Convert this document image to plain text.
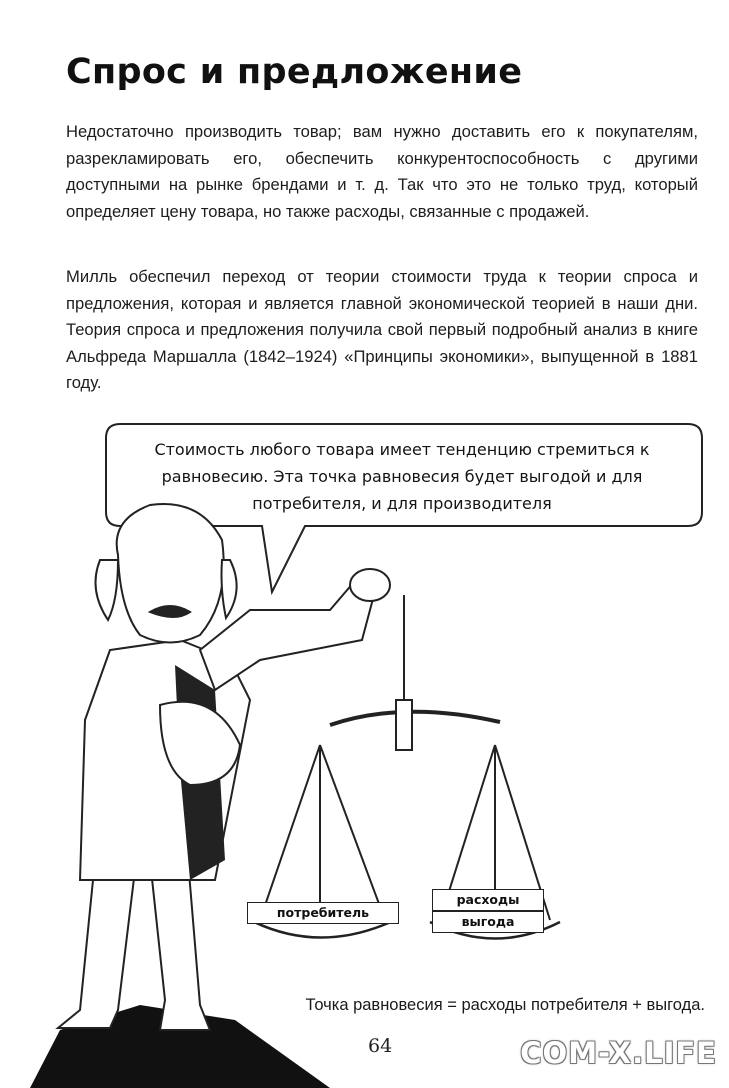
Спрос и предложение
Недостаточно производить товар; вам нужно доставить его к покупателям, разрекламировать его, обеспечить конкурентоспособность с другими доступными на рынке брендами и т. д. Так что это не только труд, который определяет цену товара, но также расходы, связанные с продажей.
Милль обеспечил переход от теории стоимости труда к теории спроса и предложения, которая и является главной экономической теорией в наши дни. Теория спроса и предложения получила свой первый подробный анализ в книге Альфреда Маршалла (1842–1924) «Принципы экономики», выпущенной в 1881 году.
Стоимость любого товара имеет тенденцию стремиться к равновесию. Эта точка равновесия будет выгодой и для потребителя, и для производителя
потребитель
расходы
выгода
Точка равновесия = расходы потребителя + выгода.
64	COM-X.LIFE
